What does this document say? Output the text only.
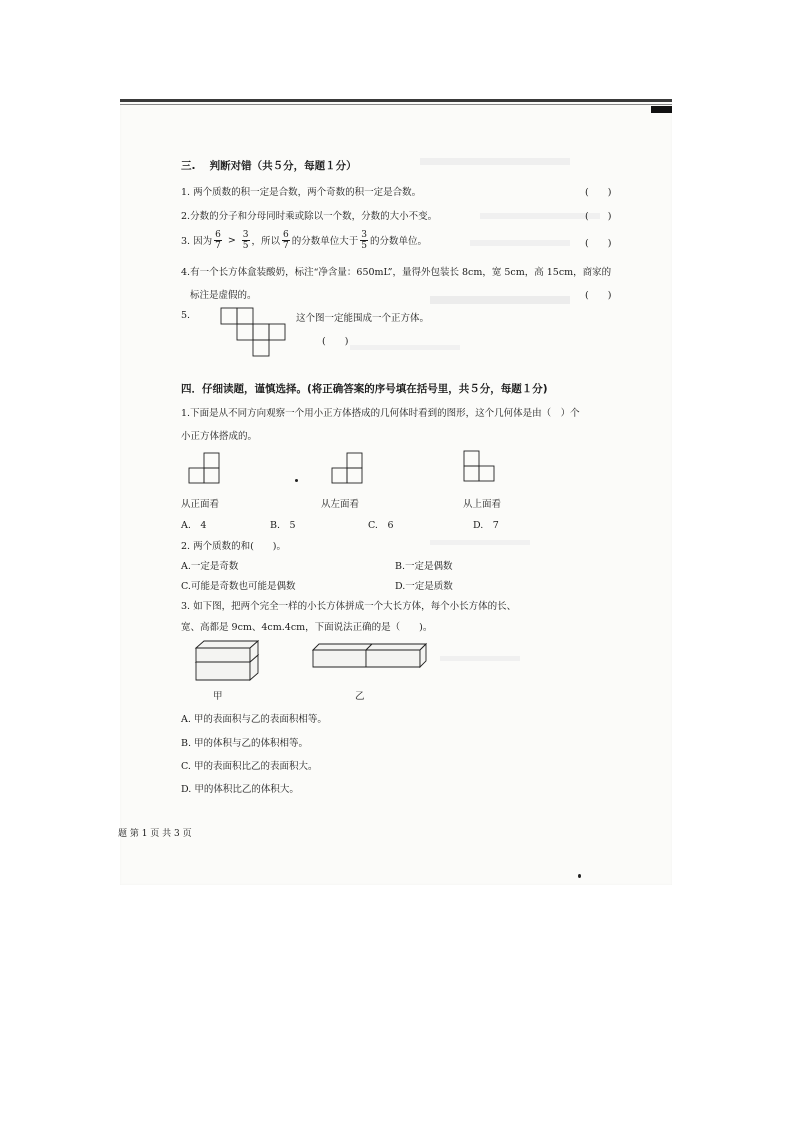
三.　 判断对错（共５分，每题１分）
1. 两个质数的积一定是合数，两个奇数的积一定是合数。	(　　)
2.分数的分子和分母同时乘或除以一个数，分数的大小不变。	(　　)
3. 因为 $\frac{6}{7} > \frac{3}{5}$ ，所以 $\frac{6}{7}$ 的分数单位大于 $\frac{3}{5}$ 的分数单位。	(　　)
4.有一个长方体盒装酸奶，标注“净含量：650mL”，量得外包装长 8cm，宽 5cm，高 15cm，商家的
标注是虚假的。	(　　)
5.	这个图一定能围成一个正方体。
(　　)
四．仔细读题，谨慎选择。(将正确答案的序号填在括号里，共５分，每题１分)
1.下面是从不同方向观察一个用小正方体搭成的几何体时看到的图形，这个几何体是由（　）个
小正方体搭成的。
从正面看	从左面看	从上面看
A.　4	B.　5	C.　6	D.　7
2. 两个质数的和(　　)。
A.一定是奇数	B.一定是偶数
C.可能是奇数也可能是偶数	D.一定是质数
3. 如下图，把两个完全一样的小长方体拼成一个大长方体，每个小长方体的长、
宽、高都是 9cm、4cm.4cm，下面说法正确的是（　　)。
甲	乙
A. 甲的表面积与乙的表面积相等。
B. 甲的体积与乙的体积相等。
C. 甲的表面积比乙的表面积大。
D. 甲的体积比乙的体积大。
题 第 1 页 共 3 页
